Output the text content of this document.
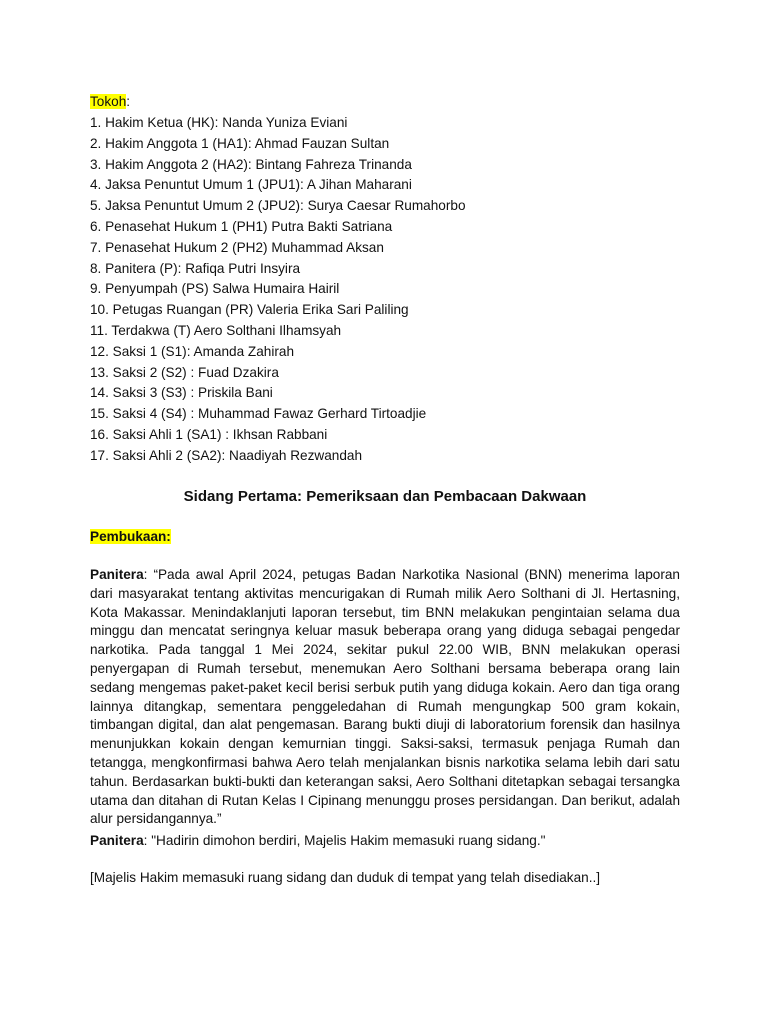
Tokoh:
1. Hakim Ketua (HK): Nanda Yuniza Eviani
2. Hakim Anggota 1 (HA1): Ahmad Fauzan Sultan
3. Hakim Anggota 2 (HA2): Bintang Fahreza Trinanda
4. Jaksa Penuntut Umum 1 (JPU1): A Jihan Maharani
5. Jaksa Penuntut Umum 2 (JPU2): Surya Caesar Rumahorbo
6. Penasehat Hukum 1 (PH1) Putra Bakti Satriana
7. Penasehat Hukum 2 (PH2) Muhammad Aksan
8. Panitera (P): Rafiqa Putri Insyira
9. Penyumpah (PS) Salwa Humaira Hairil
10. Petugas Ruangan (PR) Valeria Erika Sari Paliling
11. Terdakwa (T) Aero Solthani Ilhamsyah
12. Saksi 1 (S1): Amanda Zahirah
13. Saksi 2 (S2) : Fuad Dzakira
14. Saksi 3 (S3) : Priskila Bani
15. Saksi 4 (S4) : Muhammad Fawaz Gerhard Tirtoadjie
16. Saksi Ahli 1 (SA1) : Ikhsan Rabbani
17. Saksi Ahli 2 (SA2): Naadiyah Rezwandah
Sidang Pertama: Pemeriksaan dan Pembacaan Dakwaan
Pembukaan:

Panitera: “Pada awal April 2024, petugas Badan Narkotika Nasional (BNN) menerima laporan dari masyarakat tentang aktivitas mencurigakan di Rumah milik Aero Solthani di Jl. Hertasning, Kota Makassar. Menindaklanjuti laporan tersebut, tim BNN melakukan pengintaian selama dua minggu dan mencatat seringnya keluar masuk beberapa orang yang diduga sebagai pengedar narkotika. Pada tanggal 1 Mei 2024, sekitar pukul 22.00 WIB, BNN melakukan operasi penyergapan di Rumah tersebut, menemukan Aero Solthani bersama beberapa orang lain sedang mengemas paket-paket kecil berisi serbuk putih yang diduga kokain. Aero dan tiga orang lainnya ditangkap, sementara penggeledahan di Rumah mengungkap 500 gram kokain, timbangan digital, dan alat pengemasan. Barang bukti diuji di laboratorium forensik dan hasilnya menunjukkan kokain dengan kemurnian tinggi. Saksi-saksi, termasuk penjaga Rumah dan tetangga, mengkonfirmasi bahwa Aero telah menjalankan bisnis narkotika selama lebih dari satu tahun. Berdasarkan bukti-bukti dan keterangan saksi, Aero Solthani ditetapkan sebagai tersangka utama dan ditahan di Rutan Kelas I Cipinang menunggu proses persidangan. Dan berikut, adalah alur persidangannya.”

Panitera: "Hadirin dimohon berdiri, Majelis Hakim memasuki ruang sidang."
[Majelis Hakim memasuki ruang sidang dan duduk di tempat yang telah disediakan..]
